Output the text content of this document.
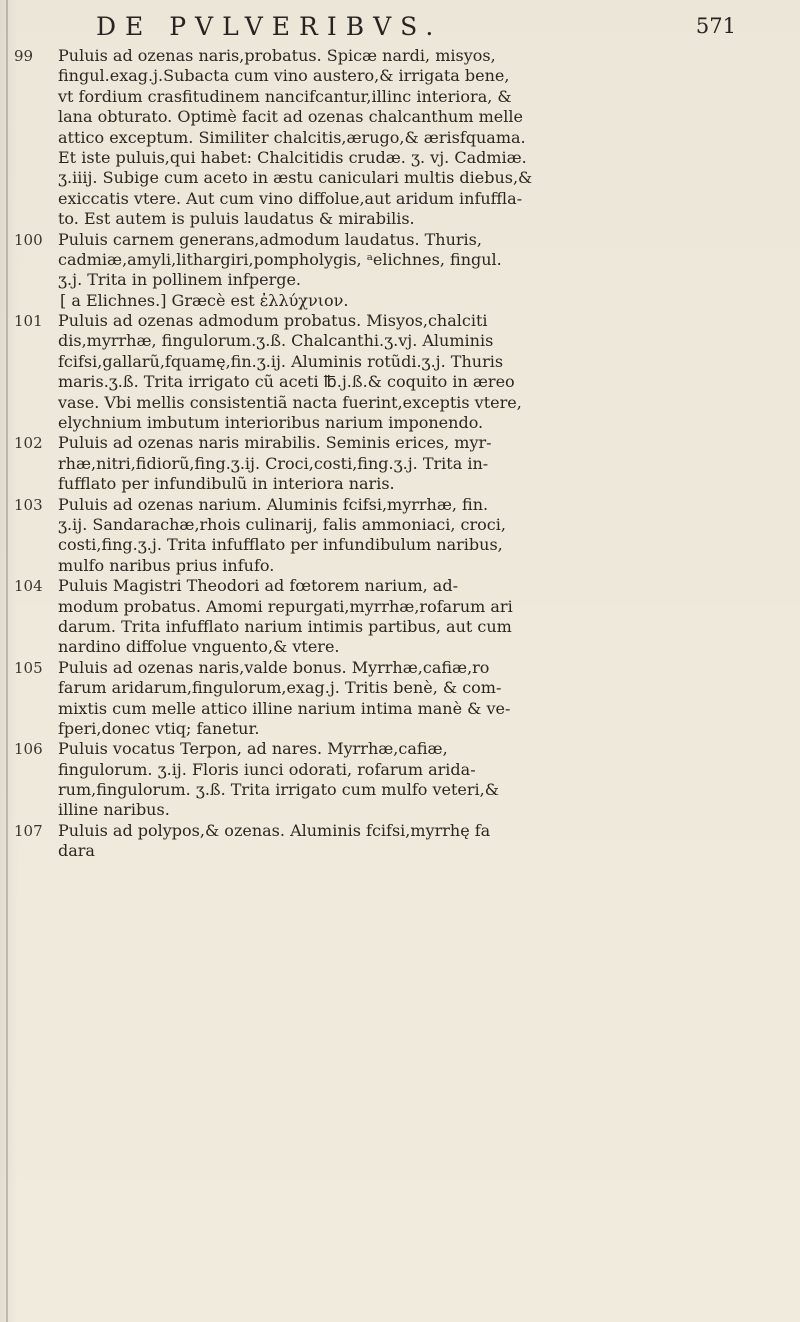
DE PVLVERIBVS.	571
99	Puluis ad ozenas naris,probatus. Spicæ nardi, misyos,
fingul.exag.j.Subacta cum vino austero,& irrigata bene,
vt fordium crasfitudinem nancifcantur,illinc interiora, &
lana obturato. Optimè facit ad ozenas chalcanthum melle
attico exceptum. Similiter chalcitis,ærugo,& ærisfquama.
Et iste puluis,qui habet: Chalcitidis crudæ. ʒ. vj. Cadmiæ.
ʒ.iiij. Subige cum aceto in æstu caniculari multis diebus,&
exiccatis vtere. Aut cum vino diffolue,aut aridum infuffla-
to. Est autem is puluis laudatus & mirabilis.
100 Puluis carnem generans,admodum laudatus. Thuris,
cadmiæ,amyli,lithargiri,pompholygis, ᵃelichnes, fingul.
ʒ.j. Trita in pollinem infperge.
[ a Elichnes.] Græcè est ἐλλύχνιον.
101 Puluis ad ozenas admodum probatus. Misyos,chalciti
dis,myrrhæ, fingulorum.ʒ.ß. Chalcanthi.ʒ.vj. Aluminis
fcifsi,gallarũ,fquamę,fin.ʒ.ij. Aluminis rotũdi.ʒ.j. Thuris
maris.ʒ.ß. Trita irrigato cũ aceti ℔.j.ß.& coquito in æreo
vase. Vbi mellis consistentiã nacta fuerint,exceptis vtere,
elychnium imbutum interioribus narium imponendo.
102 Puluis ad ozenas naris mirabilis. Seminis erices, myr-
rhæ,nitri,fidiorũ,fing.ʒ.ij. Croci,costi,fing.ʒ.j. Trita in-
fufflato per infundibulũ in interiora naris.
103 Puluis ad ozenas narium. Aluminis fcifsi,myrrhæ, fin.
ʒ.ij. Sandarachæ,rhois culinarij, falis ammoniaci, croci,
costi,fing.ʒ.j. Trita infufflato per infundibulum naribus,
mulfo naribus prius infufo.
104 Puluis Magistri Theodori ad fœtorem narium, ad-
modum probatus. Amomi repurgati,myrrhæ,rofarum ari
darum. Trita infufflato narium intimis partibus, aut cum
nardino diffolue vnguento,& vtere.
105 Puluis ad ozenas naris,valde bonus. Myrrhæ,cafiæ,ro
farum aridarum,fingulorum,exag.j. Tritis benè, & com-
mixtis cum melle attico illine narium intima manè & ve-
fperi,donec vtiq; fanetur.
106 Puluis vocatus Terpon, ad nares. Myrrhæ,cafiæ,
fingulorum. ʒ.ij. Floris iunci odorati, rofarum arida-
rum,fingulorum. ʒ.ß. Trita irrigato cum mulfo veteri,&
illine naribus.
107 Puluis ad polypos,& ozenas. Aluminis fcifsi,myrrhę fa
dara
